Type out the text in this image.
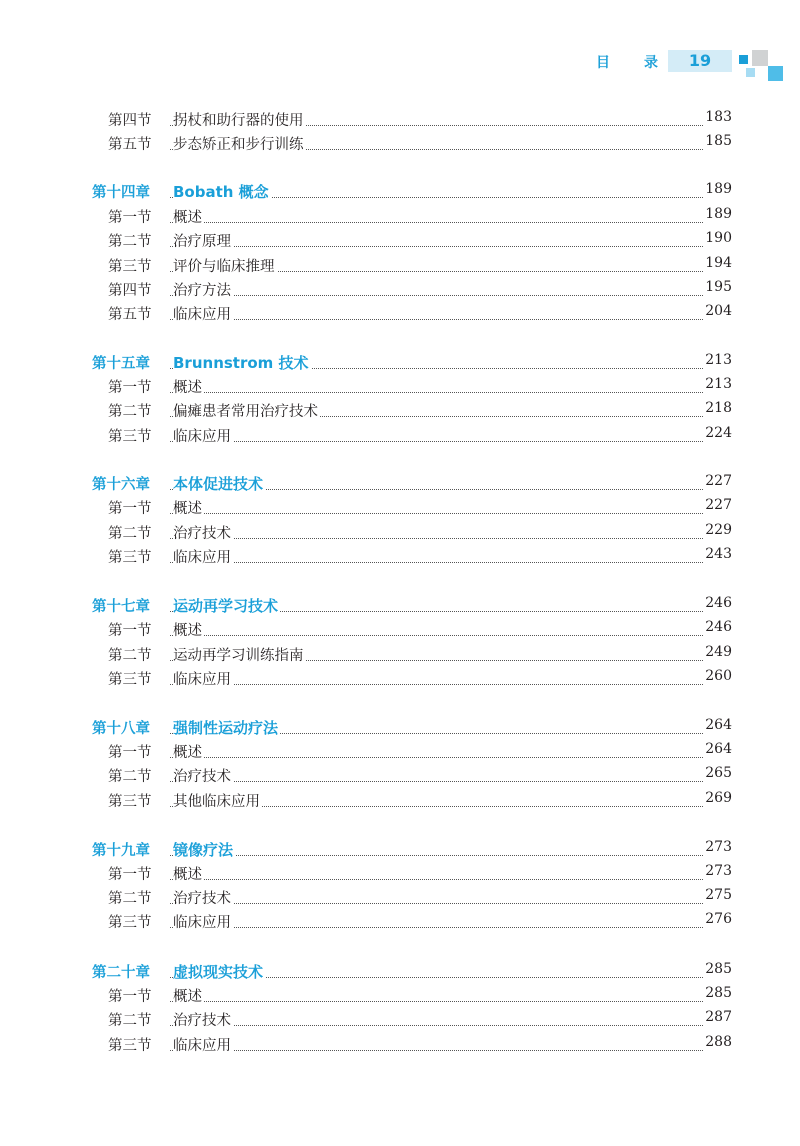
目 录	19
第四节 拐杖和助行器的使用	183
第五节 步态矫正和步行训练	185
第十四章 Bobath 概念	189
第一节 概述	189
第二节 治疗原理	190
第三节 评价与临床推理	194
第四节 治疗方法	195
第五节 临床应用	204
第十五章 Brunnstrom 技术	213
第一节 概述	213
第二节 偏瘫患者常用治疗技术	218
第三节 临床应用	224
第十六章 本体促进技术	227
第一节 概述	227
第二节 治疗技术	229
第三节 临床应用	243
第十七章 运动再学习技术	246
第一节 概述	246
第二节 运动再学习训练指南	249
第三节 临床应用	260
第十八章 强制性运动疗法	264
第一节 概述	264
第二节 治疗技术	265
第三节 其他临床应用	269
第十九章 镜像疗法	273
第一节 概述	273
第二节 治疗技术	275
第三节 临床应用	276
第二十章 虚拟现实技术	285
第一节 概述	285
第二节 治疗技术	287
第三节 临床应用	288
